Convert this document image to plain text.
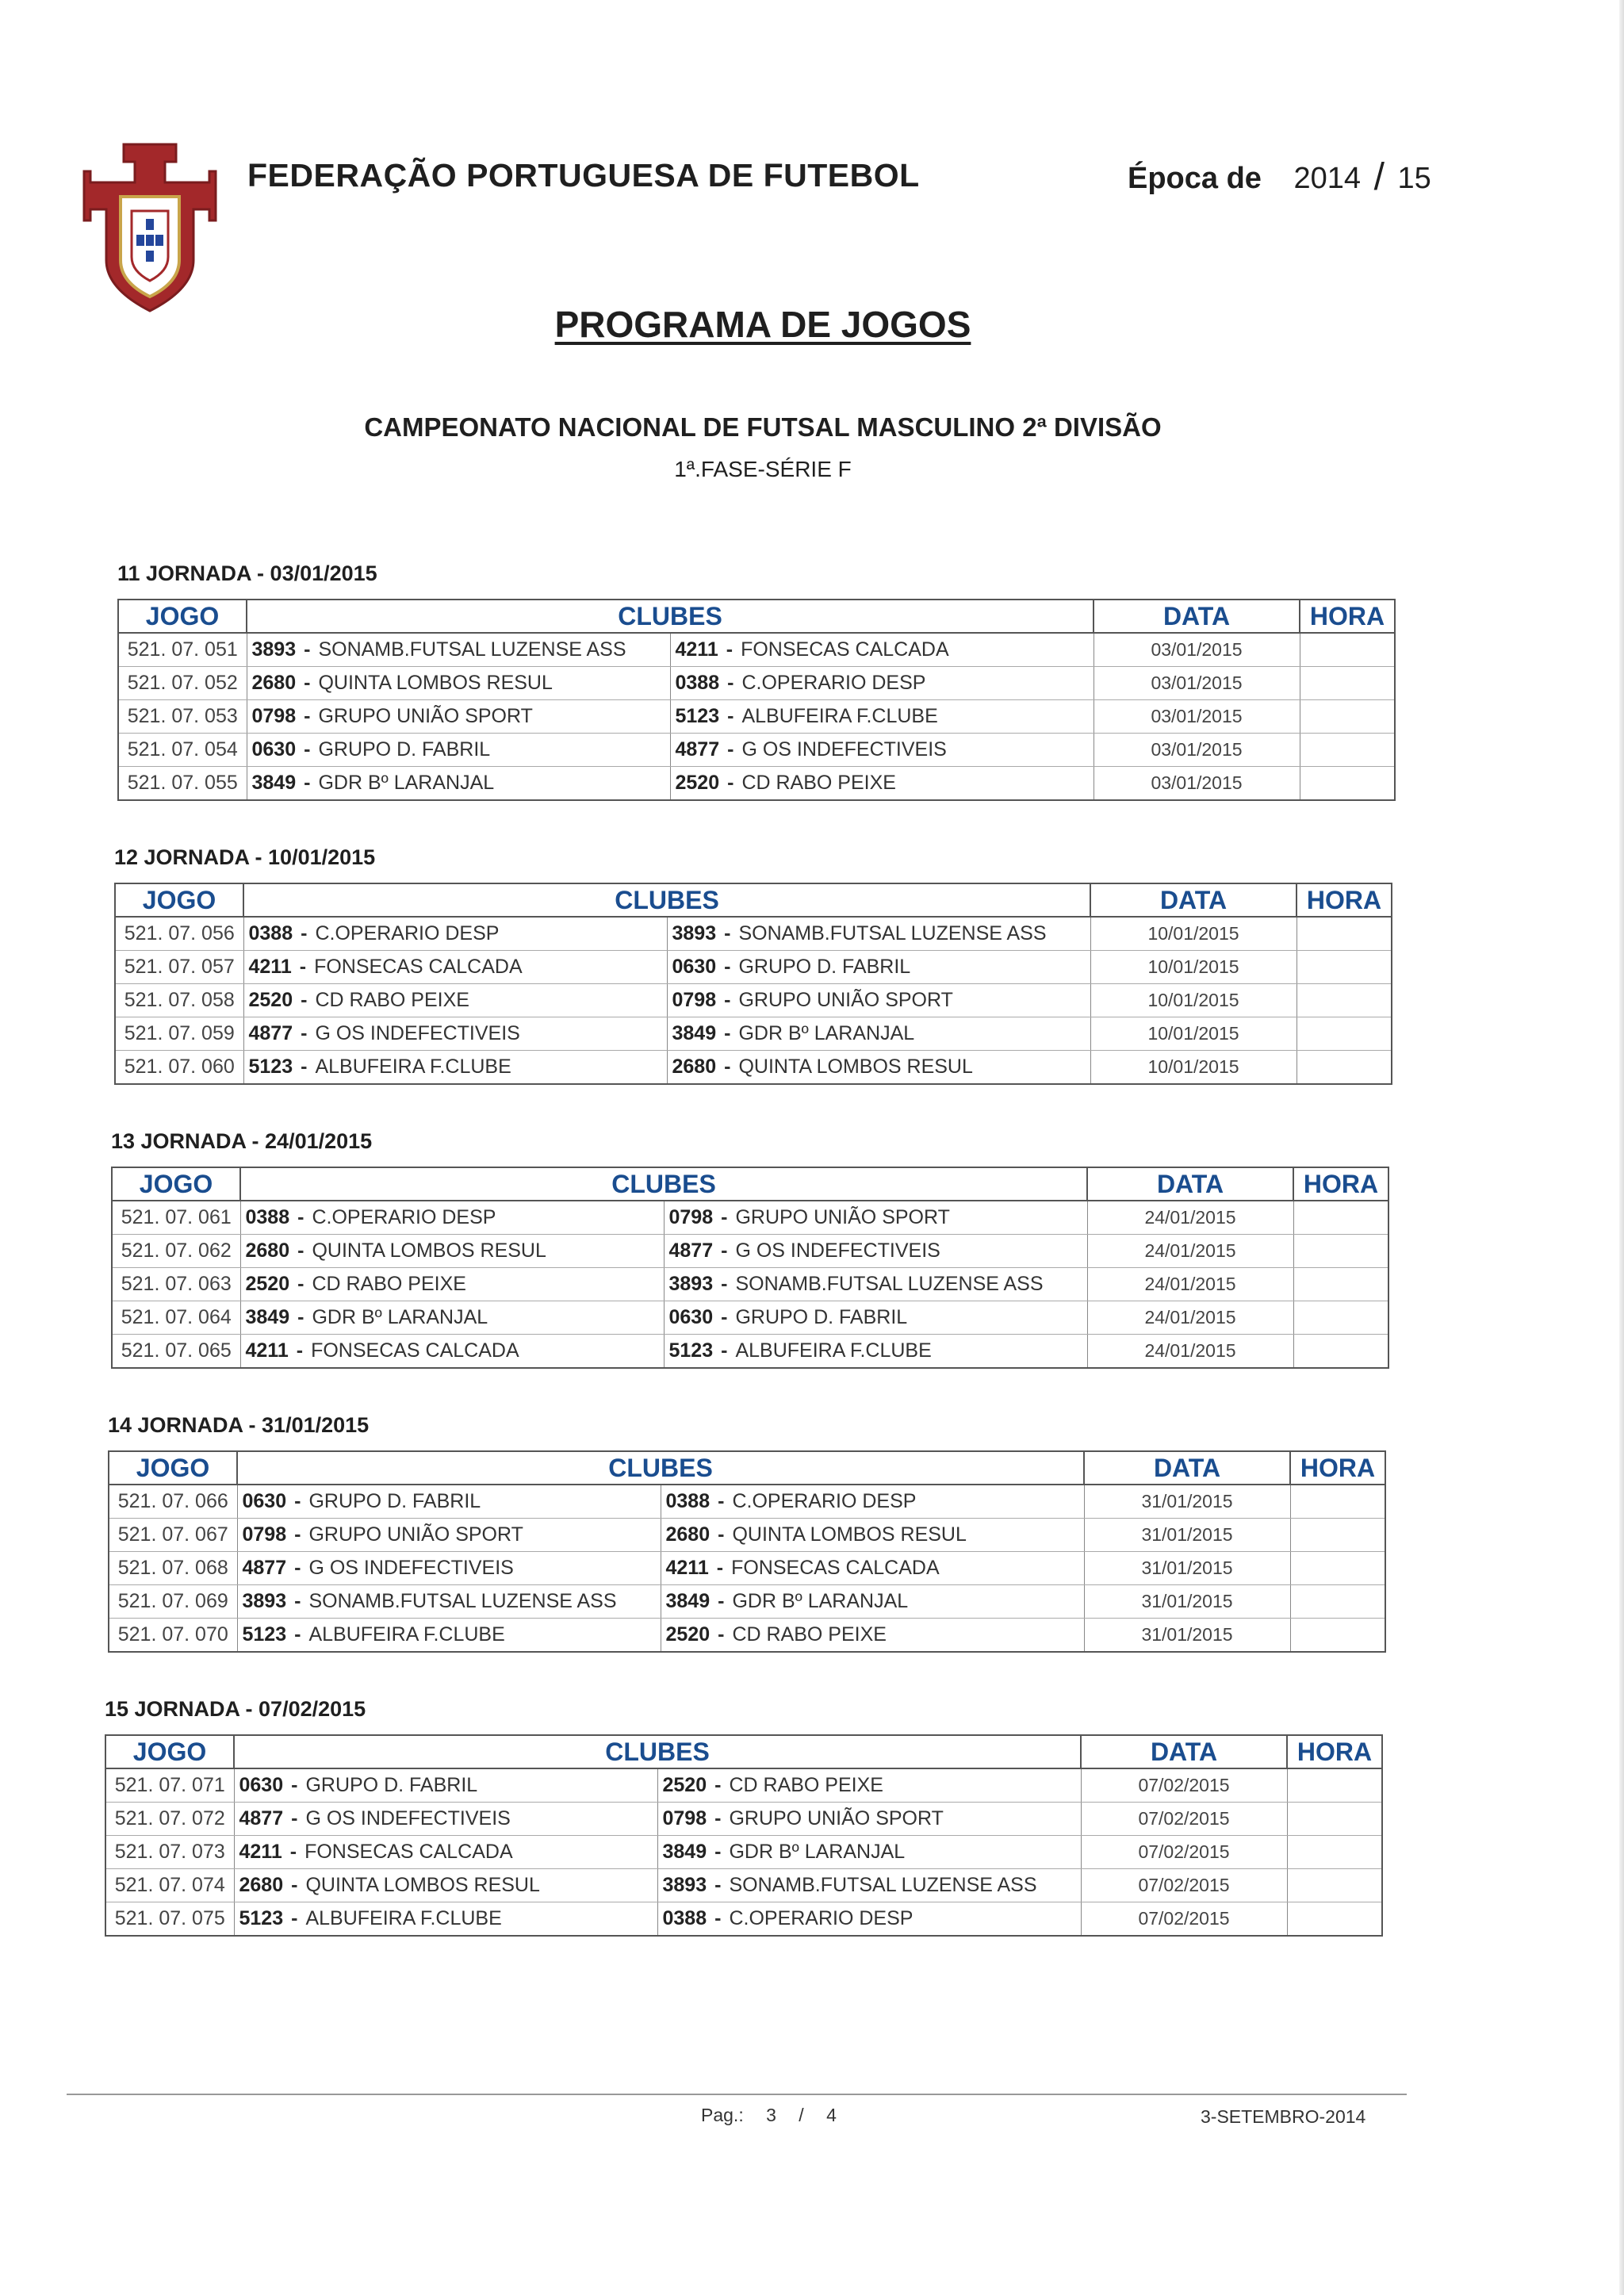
FEDERAÇÃO PORTUGUESA DE FUTEBOL	Época de 2014 / 15
PROGRAMA DE JOGOS
CAMPEONATO NACIONAL DE FUTSAL MASCULINO 2ª DIVISÃO
1ª.FASE-SÉRIE F
11 JORNADA - 03/01/2015
JOGO	CLUBES		DATA	HORA
521. 07. 051	3893 - SONAMB.FUTSAL LUZENSE ASS	4211 - FONSECAS CALCADA	03/01/2015	
521. 07. 052	2680 - QUINTA LOMBOS RESUL	0388 - C.OPERARIO DESP	03/01/2015	
521. 07. 053	0798 - GRUPO UNIÃO SPORT	5123 - ALBUFEIRA F.CLUBE	03/01/2015	
521. 07. 054	0630 - GRUPO D. FABRIL	4877 - G OS INDEFECTIVEIS	03/01/2015	
521. 07. 055	3849 - GDR Bº LARANJAL	2520 - CD RABO PEIXE	03/01/2015	
12 JORNADA - 10/01/2015
JOGO	CLUBES		DATA	HORA
521. 07. 056	0388 - C.OPERARIO DESP	3893 - SONAMB.FUTSAL LUZENSE ASS	10/01/2015	
521. 07. 057	4211 - FONSECAS CALCADA	0630 - GRUPO D. FABRIL	10/01/2015	
521. 07. 058	2520 - CD RABO PEIXE	0798 - GRUPO UNIÃO SPORT	10/01/2015	
521. 07. 059	4877 - G OS INDEFECTIVEIS	3849 - GDR Bº LARANJAL	10/01/2015	
521. 07. 060	5123 - ALBUFEIRA F.CLUBE	2680 - QUINTA LOMBOS RESUL	10/01/2015	
13 JORNADA - 24/01/2015
JOGO	CLUBES		DATA	HORA
521. 07. 061	0388 - C.OPERARIO DESP	0798 - GRUPO UNIÃO SPORT	24/01/2015	
521. 07. 062	2680 - QUINTA LOMBOS RESUL	4877 - G OS INDEFECTIVEIS	24/01/2015	
521. 07. 063	2520 - CD RABO PEIXE	3893 - SONAMB.FUTSAL LUZENSE ASS	24/01/2015	
521. 07. 064	3849 - GDR Bº LARANJAL	0630 - GRUPO D. FABRIL	24/01/2015	
521. 07. 065	4211 - FONSECAS CALCADA	5123 - ALBUFEIRA F.CLUBE	24/01/2015	
14 JORNADA - 31/01/2015
JOGO	CLUBES		DATA	HORA
521. 07. 066	0630 - GRUPO D. FABRIL	0388 - C.OPERARIO DESP	31/01/2015	
521. 07. 067	0798 - GRUPO UNIÃO SPORT	2680 - QUINTA LOMBOS RESUL	31/01/2015	
521. 07. 068	4877 - G OS INDEFECTIVEIS	4211 - FONSECAS CALCADA	31/01/2015	
521. 07. 069	3893 - SONAMB.FUTSAL LUZENSE ASS	3849 - GDR Bº LARANJAL	31/01/2015	
521. 07. 070	5123 - ALBUFEIRA F.CLUBE	2520 - CD RABO PEIXE	31/01/2015	
15 JORNADA - 07/02/2015
JOGO	CLUBES		DATA	HORA
521. 07. 071	0630 - GRUPO D. FABRIL	2520 - CD RABO PEIXE	07/02/2015	
521. 07. 072	4877 - G OS INDEFECTIVEIS	0798 - GRUPO UNIÃO SPORT	07/02/2015	
521. 07. 073	4211 - FONSECAS CALCADA	3849 - GDR Bº LARANJAL	07/02/2015	
521. 07. 074	2680 - QUINTA LOMBOS RESUL	3893 - SONAMB.FUTSAL LUZENSE ASS	07/02/2015	
521. 07. 075	5123 - ALBUFEIRA F.CLUBE	0388 - C.OPERARIO DESP	07/02/2015	
Pag.: 3 / 4	3-SETEMBRO-2014
